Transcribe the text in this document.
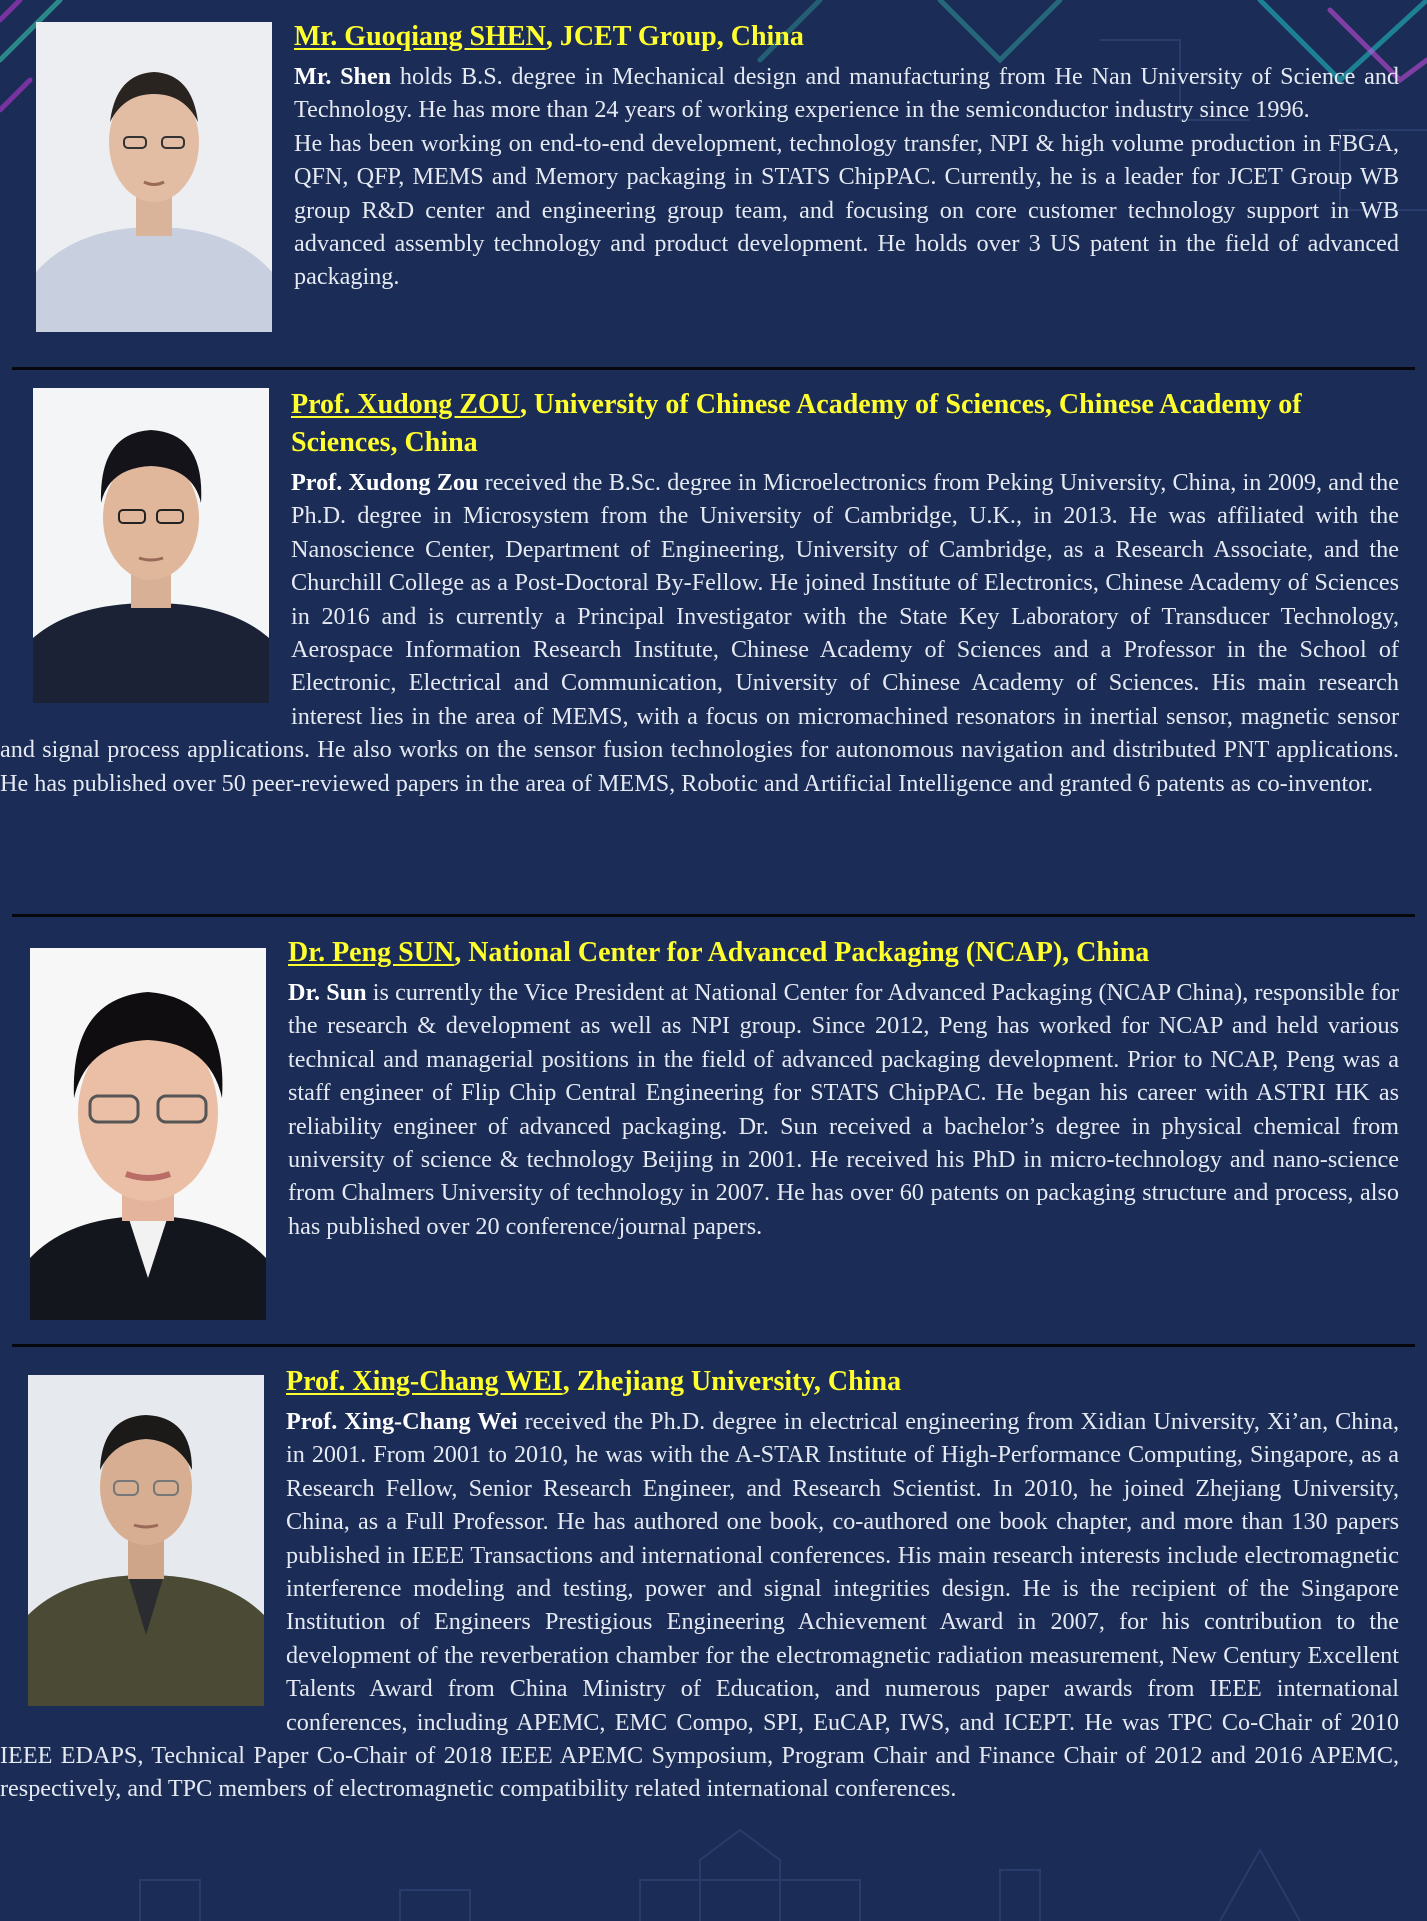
Mr. Guoqiang SHEN, JCET Group, China

Mr. Shen holds B.S. degree in Mechanical design and manufacturing from He Nan University of Science and Technology. He has more than 24 years of working experience in the semiconductor industry since 1996.

He has been working on end-to-end development, technology transfer, NPI & high volume production in FBGA, QFN, QFP, MEMS and Memory packaging in STATS ChipPAC. Currently, he is a leader for JCET Group WB group R&D center and engineering group team, and focusing on core customer technology support in WB advanced assembly technology and product development. He holds over 3 US patent in the field of advanced packaging.

Prof. Xudong ZOU, University of Chinese Academy of Sciences, Chinese Academy of Sciences, China

Prof. Xudong Zou received the B.Sc. degree in Microelectronics from Peking University, China, in 2009, and the Ph.D. degree in Microsystem from the University of Cambridge, U.K., in 2013. He was affiliated with the Nanoscience Center, Department of Engineering, University of Cambridge, as a Research Associate, and the Churchill College as a Post-Doctoral By-Fellow. He joined Institute of Electronics, Chinese Academy of Sciences in 2016 and is currently a Principal Investigator with the State Key Laboratory of Transducer Technology, Aerospace Information Research Institute, Chinese Academy of Sciences and a Professor in the School of Electronic, Electrical and Communication, University of Chinese Academy of Sciences. His main research interest lies in the area of MEMS, with a focus on micromachined resonators in inertial sensor, magnetic sensor and signal process applications. He also works on the sensor fusion technologies for autonomous navigation and distributed PNT applications. He has published over 50 peer-reviewed papers in the area of MEMS, Robotic and Artificial Intelligence and granted 6 patents as co-inventor.

Dr. Peng SUN, National Center for Advanced Packaging (NCAP), China

Dr. Sun is currently the Vice President at National Center for Advanced Packaging (NCAP China), responsible for the research & development as well as NPI group. Since 2012, Peng has worked for NCAP and held various technical and managerial positions in the field of advanced packaging development. Prior to NCAP, Peng was a staff engineer of Flip Chip Central Engineering for STATS ChipPAC. He began his career with ASTRI HK as reliability engineer of advanced packaging. Dr. Sun received a bachelor’s degree in physical chemical from university of science & technology Beijing in 2001. He received his PhD in micro-technology and nano-science from Chalmers University of technology in 2007. He has over 60 patents on packaging structure and process, also has published over 20 conference/journal papers.

Prof. Xing-Chang WEI, Zhejiang University, China

Prof. Xing-Chang Wei received the Ph.D. degree in electrical engineering from Xidian University, Xi’an, China, in 2001. From 2001 to 2010, he was with the A-STAR Institute of High-Performance Computing, Singapore, as a Research Fellow, Senior Research Engineer, and Research Scientist. In 2010, he joined Zhejiang University, China, as a Full Professor. He has authored one book, co-authored one book chapter, and more than 130 papers published in IEEE Transactions and international conferences. His main research interests include electromagnetic interference modeling and testing, power and signal integrities design. He is the recipient of the Singapore Institution of Engineers Prestigious Engineering Achievement Award in 2007, for his contribution to the development of the reverberation chamber for the electromagnetic radiation measurement, New Century Excellent Talents Award from China Ministry of Education, and numerous paper awards from IEEE international conferences, including APEMC, EMC Compo, SPI, EuCAP, IWS, and ICEPT. He was TPC Co-Chair of 2010 IEEE EDAPS, Technical Paper Co-Chair of 2018 IEEE APEMC Symposium, Program Chair and Finance Chair of 2012 and 2016 APEMC, respectively, and TPC members of electromagnetic compatibility related international conferences.
